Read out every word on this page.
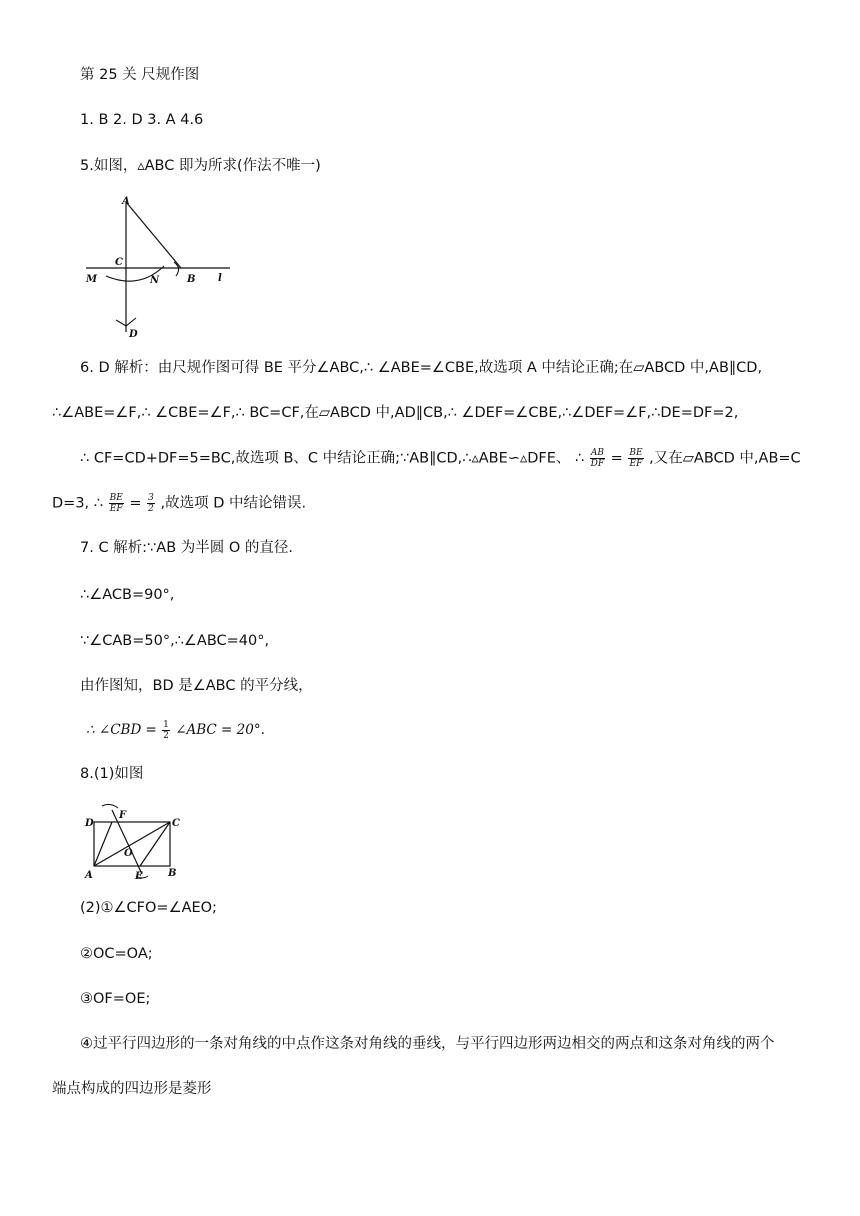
第 25 关 尺规作图
1. B 2. D 3. A 4.6
5.如图，▵ABC 即为所求(作法不唯一)
A
C
M	N	B l
D
6. D 解析：由尺规作图可得 BE 平分∠ABC,∴ ∠ABE=∠CBE,故选项 A 中结论正确;在▱ABCD 中,AB∥CD,
∴∠ABE=∠F,∴ ∠CBE=∠F,∴ BC=CF,在▱ABCD 中,AD∥CB,∴ ∠DEF=∠CBE,∴∠DEF=∠F,∴DE=DF=2,
∴ CF=CD+DF=5=BC,故选项 B、C 中结论正确;∵AB∥CD,∴▵ABE∽▵DFE、 ∴ $\frac{AB}{DF} = \frac{BE}{EF}$ ,又在▱ABCD 中,AB=C
D=3, ∴ $\frac{BE}{EF} = \frac{3}{2}$ ,故选项 D 中结论错误.
7. C 解析:∵AB 为半圆 O 的直径.
∴∠ACB=90°,
∵∠CAB=50°,∴∠ABC=40°,
由作图知，BD 是∠ABC 的平分线，
∴ ∠CBD = $\frac{1}{2}$ ∠ABC = 20°.
8.(1)如图
D
F
C
O
A	E	B
(2)①∠CFO=∠AEO;
②OC=OA;
③OF=OE;
④过平行四边形的一条对角线的中点作这条对角线的垂线，与平行四边形两边相交的两点和这条对角线的两个
端点构成的四边形是菱形
